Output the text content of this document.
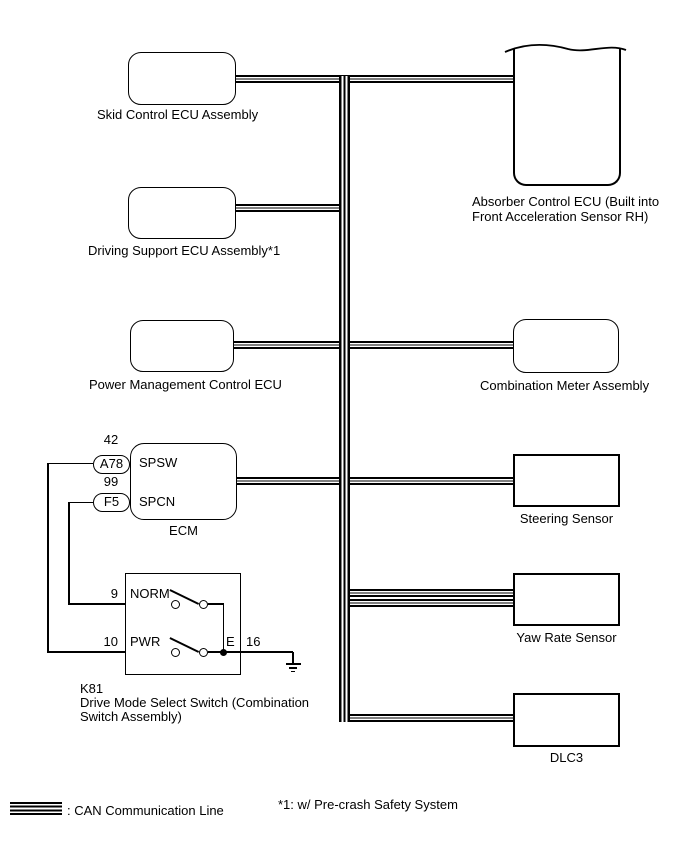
Skid Control ECU Assembly
Driving Support ECU Assembly*1
Power Management Control ECU
SPSW
SPCN
ECM
A78
F5
42
99
9 NORM
10 PWR	E 16
K81
Drive Mode Select Switch (Combination
Switch Assembly)
Absorber Control ECU (Built into
Front Acceleration Sensor RH)
Combination Meter Assembly
Steering Sensor
Yaw Rate Sensor
DLC3
: CAN Communication Line	*1: w/ Pre-crash Safety System
